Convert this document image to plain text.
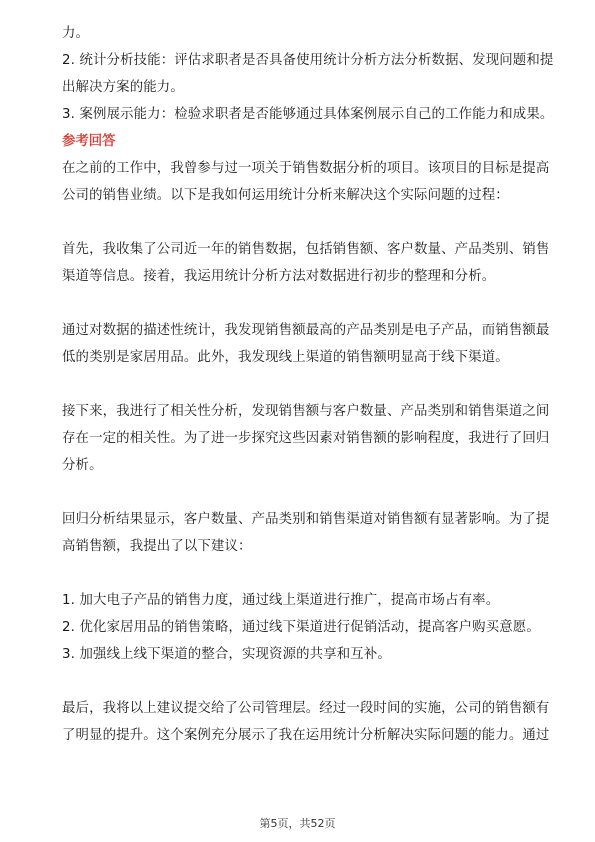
力。

2. 统计分析技能：评估求职者是否具备使用统计分析方法分析数据、发现问题和提出解决方案的能力。

3. 案例展示能力：检验求职者是否能够通过具体案例展示自己的工作能力和成果。

参考回答

在之前的工作中，我曾参与过一项关于销售数据分析的项目。该项目的目标是提高公司的销售业绩。以下是我如何运用统计分析来解决这个实际问题的过程：

首先，我收集了公司近一年的销售数据，包括销售额、客户数量、产品类别、销售渠道等信息。接着，我运用统计分析方法对数据进行初步的整理和分析。

通过对数据的描述性统计，我发现销售额最高的产品类别是电子产品，而销售额最低的类别是家居用品。此外，我发现线上渠道的销售额明显高于线下渠道。

接下来，我进行了相关性分析，发现销售额与客户数量、产品类别和销售渠道之间存在一定的相关性。为了进一步探究这些因素对销售额的影响程度，我进行了回归分析。

回归分析结果显示，客户数量、产品类别和销售渠道对销售额有显著影响。为了提高销售额，我提出了以下建议：

1. 加大电子产品的销售力度，通过线上渠道进行推广，提高市场占有率。

2. 优化家居用品的销售策略，通过线下渠道进行促销活动，提高客户购买意愿。

3. 加强线上线下渠道的整合，实现资源的共享和互补。

最后，我将以上建议提交给了公司管理层。经过一段时间的实施，公司的销售额有了明显的提升。这个案例充分展示了我在运用统计分析解决实际问题的能力。通过

第5页，共52页
